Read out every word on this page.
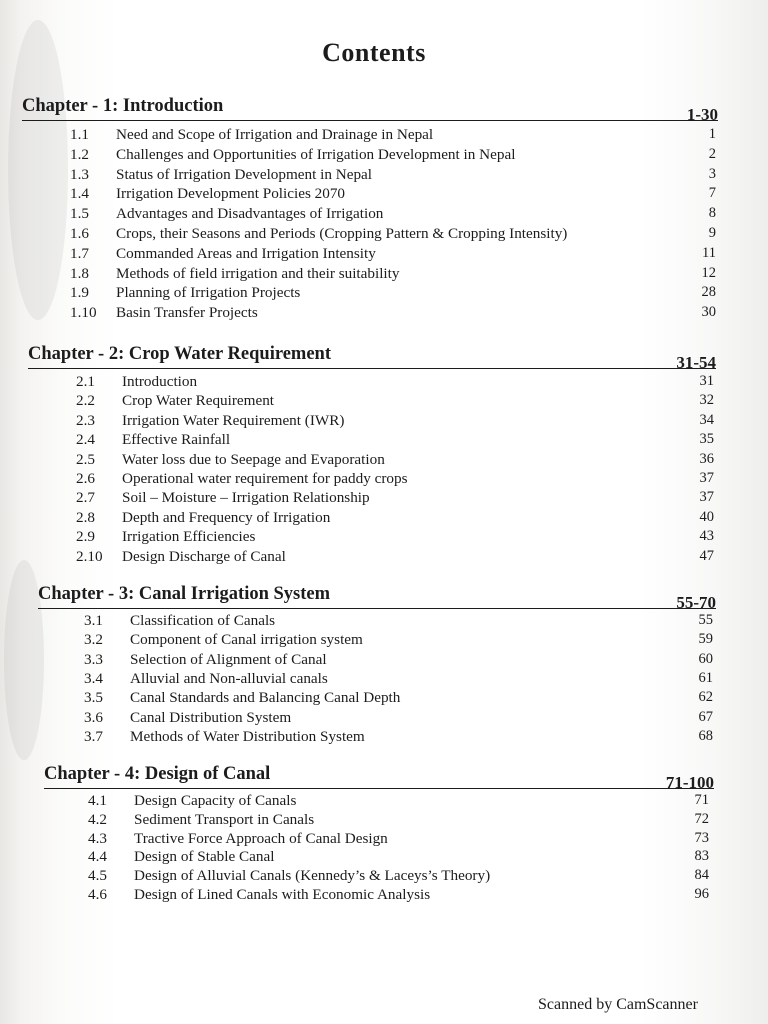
Contents
Chapter - 1: Introduction	1-30
1.1	Need and Scope of Irrigation and Drainage in Nepal	1
1.2	Challenges and Opportunities of Irrigation Development in Nepal	2
1.3	Status of Irrigation Development in Nepal	3
1.4	Irrigation Development Policies 2070	7
1.5	Advantages and Disadvantages of Irrigation	8
1.6	Crops, their Seasons and Periods (Cropping Pattern & Cropping Intensity)	9
1.7	Commanded Areas and Irrigation Intensity	11
1.8	Methods of field irrigation and their suitability	12
1.9	Planning of Irrigation Projects	28
1.10	Basin Transfer Projects	30
Chapter - 2: Crop Water Requirement	31-54
2.1	Introduction	31
2.2	Crop Water Requirement	32
2.3	Irrigation Water Requirement (IWR)	34
2.4	Effective Rainfall	35
2.5	Water loss due to Seepage and Evaporation	36
2.6	Operational water requirement for paddy crops	37
2.7	Soil – Moisture – Irrigation Relationship	37
2.8	Depth and Frequency of Irrigation	40
2.9	Irrigation Efficiencies	43
2.10	Design Discharge of Canal	47
Chapter - 3: Canal Irrigation System	55-70
3.1	Classification of Canals	55
3.2	Component of Canal irrigation system	59
3.3	Selection of Alignment of Canal	60
3.4	Alluvial and Non-alluvial canals	61
3.5	Canal Standards and Balancing Canal Depth	62
3.6	Canal Distribution System	67
3.7	Methods of Water Distribution System	68
Chapter - 4: Design of Canal	71-100
4.1	Design Capacity of Canals	71
4.2	Sediment Transport in Canals	72
4.3	Tractive Force Approach of Canal Design	73
4.4	Design of Stable Canal	83
4.5	Design of Alluvial Canals (Kennedy’s & Laceys’s Theory)	84
4.6	Design of Lined Canals with Economic Analysis	96
Scanned by CamScanner
